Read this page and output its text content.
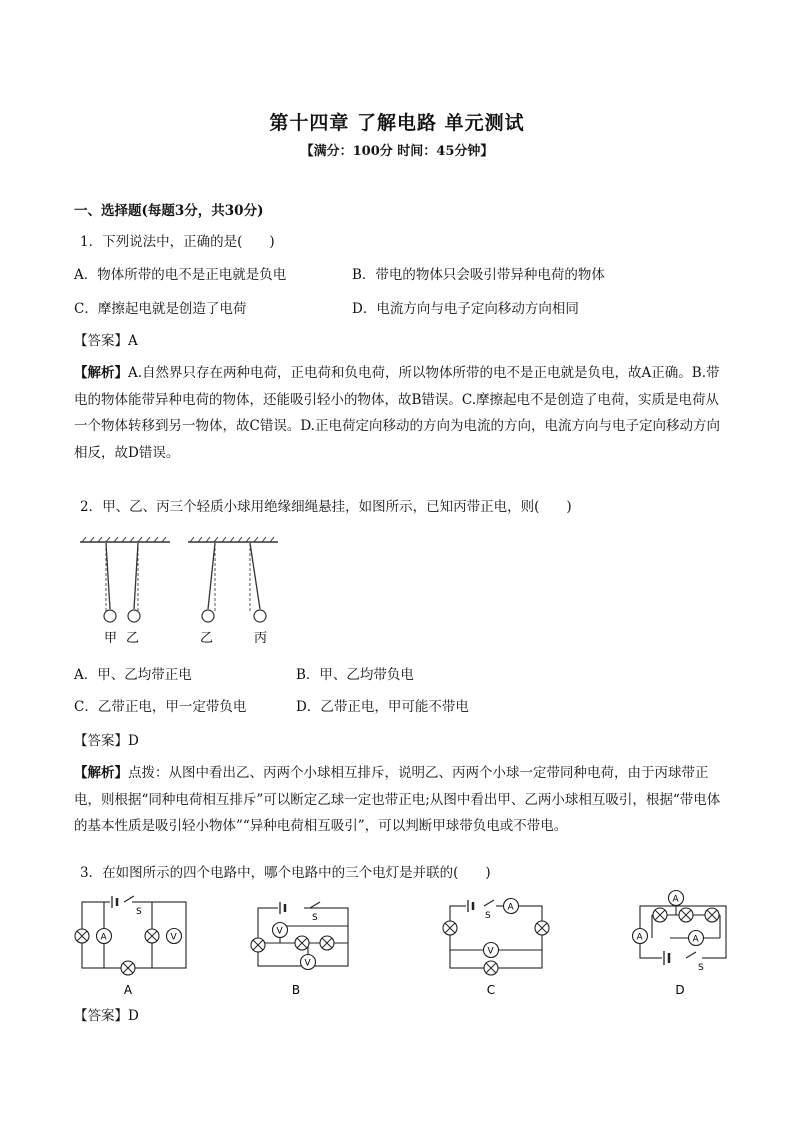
第十四章 了解电路 单元测试
【满分：100分 时间：45分钟】
一、选择题(每题3分，共30分)
1．下列说法中，正确的是(　　)
A．物体所带的电不是正电就是负电	B．带电的物体只会吸引带异种电荷的物体
C．摩擦起电就是创造了电荷	D．电流方向与电子定向移动方向相同
【答案】A
【解析】A.自然界只存在两种电荷，正电荷和负电荷，所以物体所带的电不是正电就是负电，故A正确。B.带电的物体能带异种电荷的物体，还能吸引轻小的物体，故B错误。C.摩擦起电不是创造了电荷，实质是电荷从一个物体转移到另一物体，故C错误。D.正电荷定向移动的方向为电流的方向，电流方向与电子定向移动方向相反，故D错误。
2．甲、乙、丙三个轻质小球用绝缘细绳悬挂，如图所示，已知丙带正电，则(　　)
甲 乙	乙	丙
A．甲、乙均带正电	B．甲、乙均带负电
C．乙带正电，甲一定带负电	D．乙带正电，甲可能不带电
【答案】D
【解析】点拨：从图中看出乙、丙两个小球相互排斥，说明乙、丙两个小球一定带同种电荷，由于丙球带正电，则根据“同种电荷相互排斥”可以断定乙球一定也带正电;从图中看出甲、乙两小球相互吸引，根据“带电体的基本性质是吸引轻小物体”“异种电荷相互吸引”，可以判断甲球带负电或不带电。
3．在如图所示的四个电路中，哪个电路中的三个电灯是并联的(　　)
S
A	V
S
V
V
S
A
V
A
A	A
S
A	B	C	D
【答案】D
